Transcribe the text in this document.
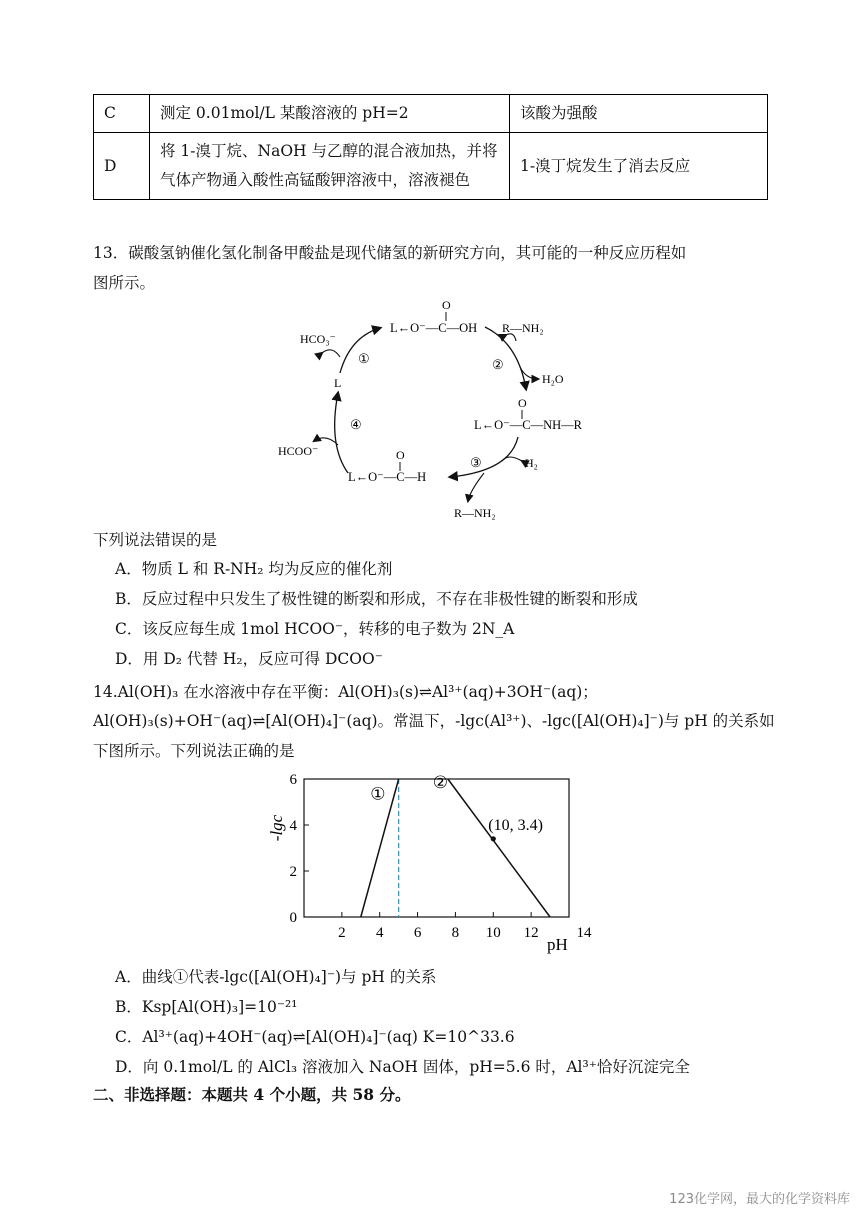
C	测定 0.01mol/L 某酸溶液的 pH=2	该酸为强酸
D	将 1-溴丁烷、NaOH 与乙醇的混合液加热，并将气体产物通入酸性高锰酸钾溶液中，溶液褪色	1-溴丁烷发生了消去反应
13．碳酸氢钠催化氢化制备甲酸盐是现代储氢的新研究方向，其可能的一种反应历程如
图所示。
O
L←O⁻—C—OH R—NH₂
HCO₃⁻
①	②
H₂O
L
O
L←O⁻—C—NH—R
④
HCOO⁻	O	③	H₂
L←O⁻—C—H
R—NH₂
下列说法错误的是
A．物质 L 和 R-NH₂ 均为反应的催化剂
B．反应过程中只发生了极性键的断裂和形成，不存在非极性键的断裂和形成
C．该反应每生成 1mol HCOO⁻，转移的电子数为 2N_A
D．用 D₂ 代替 H₂，反应可得 DCOO⁻
14.Al(OH)₃ 在水溶液中存在平衡：Al(OH)₃(s)⇌Al³⁺(aq)+3OH⁻(aq)；
Al(OH)₃(s)+OH⁻(aq)⇌[Al(OH)₄]⁻(aq)。常温下，-lgc(Al³⁺)、-lgc([Al(OH)₄]⁻)与 pH 的关系如
下图所示。下列说法正确的是
-lgc
pH
2 4 6 8 10 12	14
0
2
4
6
①
②
(10, 3.4)
A．曲线①代表-lgc([Al(OH)₄]⁻)与 pH 的关系
B．Ksp[Al(OH)₃]=10⁻²¹
C．Al³⁺(aq)+4OH⁻(aq)⇌[Al(OH)₄]⁻(aq) K=10^33.6
D．向 0.1mol/L 的 AlCl₃ 溶液加入 NaOH 固体，pH=5.6 时，Al³⁺恰好沉淀完全
二、非选择题：本题共 4 个小题，共 58 分。
123化学网，最大的化学资料库
